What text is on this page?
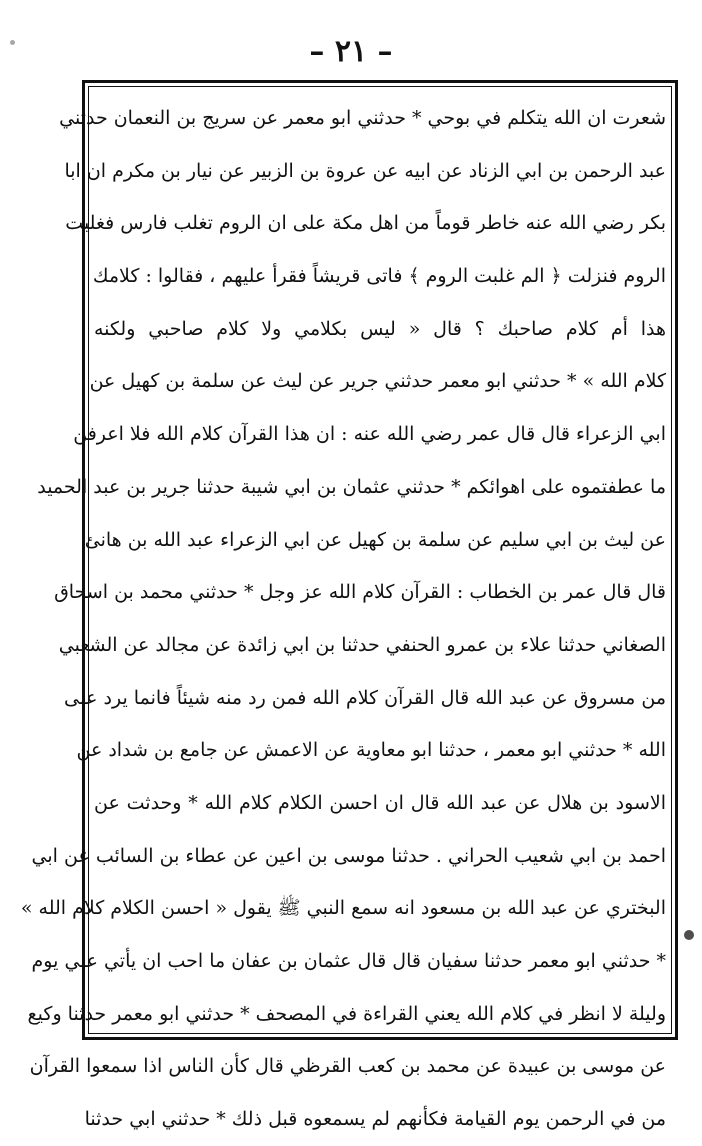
– ٢١ –
شعرت ان الله يتكلم في بوحي * حدثني ابو معمر عن سريج بن النعمان حدثني
عبد الرحمن بن ابي الزناد عن ابيه عن عروة بن الزبير عن نيار بن مكرم ان ابا
بكر رضي الله عنه خاطر قوماً من اهل مكة على ان الروم تغلب فارس فغلبت
الروم فنزلت ﴿ الم غلبت الروم ﴾ فاتى قريشاً فقرأ عليهم ، فقالوا : كلامك
هذا أم كلام صاحبك ؟ قال « ليس بكلامي ولا كلام صاحبي ولكنه
كلام الله » * حدثني ابو معمر حدثني جرير عن ليث عن سلمة بن كهيل عن
ابي الزعراء قال قال عمر رضي الله عنه : ان هذا القرآن كلام الله فلا اعرفن
ما عطفتموه على اهوائكم * حدثني عثمان بن ابي شيبة حدثنا جرير بن عبد الحميد
عن ليث بن ابي سليم عن سلمة بن كهيل عن ابي الزعراء عبد الله بن هانئ
قال قال عمر بن الخطاب : القرآن كلام الله عز وجل * حدثني محمد بن اسحاق
الصغاني حدثنا علاء بن عمرو الحنفي حدثنا بن ابي زائدة عن مجالد عن الشعبي
من مسروق عن عبد الله قال القرآن كلام الله فمن رد منه شيئاً فانما يرد على
الله * حدثني ابو معمر ، حدثنا ابو معاوية عن الاعمش عن جامع بن شداد عن
الاسود بن هلال عن عبد الله قال ان احسن الكلام كلام الله * وحدثت عن
احمد بن ابي شعيب الحراني . حدثنا موسى بن اعين عن عطاء بن السائب عن ابي
البختري عن عبد الله بن مسعود انه سمع النبي ﷺ يقول « احسن الكلام كلام الله »
* حدثني ابو معمر حدثنا سفيان قال قال عثمان بن عفان ما احب ان يأتي علي يوم
وليلة لا انظر في كلام الله يعني القراءة في المصحف * حدثني ابو معمر حدثنا وكيع
عن موسى بن عبيدة عن محمد بن كعب القرظي قال كأن الناس اذا سمعوا القرآن
من في الرحمن يوم القيامة فكأنهم لم يسمعوه قبل ذلك * حدثني ابي حدثنا
